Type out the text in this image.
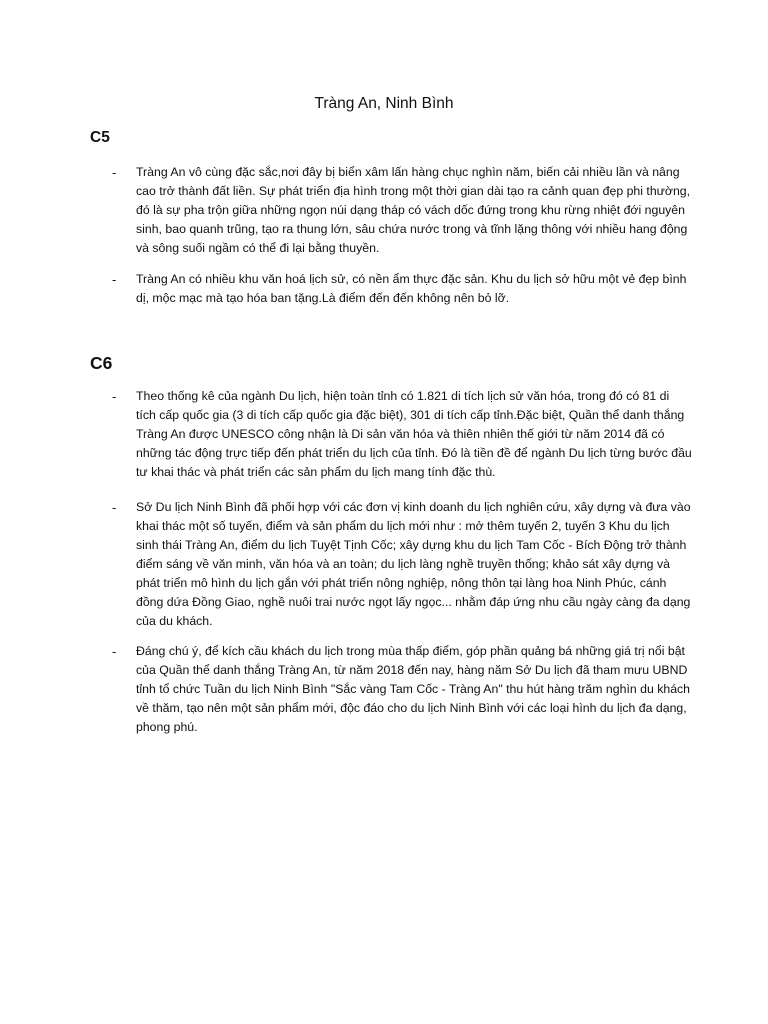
Tràng An, Ninh Bình
C5
- Tràng An vô cùng đặc sắc,nơi đây bị biển xâm lấn hàng chục nghìn năm, biến cải nhiều lần và nâng cao trở thành đất liền. Sự phát triển địa hình trong một thời gian dài tạo ra cảnh quan đẹp phi thường, đó là sự pha trộn giữa những ngọn núi dạng tháp có vách dốc đứng trong khu rừng nhiệt đới nguyên sinh, bao quanh trũng, tạo ra thung lớn, sâu chứa nước trong và tĩnh lặng thông với nhiều hang động và sông suối ngầm có thể đi lại bằng thuyền.
- Tràng An có nhiều khu văn hoá lịch sử, có nền ẩm thực đặc sản. Khu du lịch sở hữu một vẻ đẹp bình dị, mộc mạc mà tạo hóa ban tặng.Là điểm đến đến không nên bỏ lỡ.
C6
- Theo thống kê của ngành Du lịch, hiện toàn tỉnh có 1.821 di tích lịch sử văn hóa, trong đó có 81 di tích cấp quốc gia (3 di tích cấp quốc gia đặc biệt), 301 di tích cấp tỉnh.Đặc biệt, Quần thể danh thắng Tràng An được UNESCO công nhận là Di sản văn hóa và thiên nhiên thế giới từ năm 2014 đã có những tác động trực tiếp đến phát triển du lịch của tỉnh. Đó là tiền đề để ngành Du lịch từng bước đầu tư khai thác và phát triển các sản phẩm du lịch mang tính đặc thù.
- Sở Du lịch Ninh Bình đã phối hợp với các đơn vị kinh doanh du lịch nghiên cứu, xây dựng và đưa vào khai thác một số tuyến, điểm và sản phẩm du lịch mới như : mở thêm tuyến 2, tuyến 3 Khu du lịch sinh thái Tràng An, điểm du lịch Tuyệt Tịnh Cốc; xây dựng khu du lịch Tam Cốc - Bích Động trở thành điểm sáng về văn minh, văn hóa và an toàn; du lịch làng nghề truyền thống; khảo sát xây dựng và phát triển mô hình du lịch gắn với phát triển nông nghiệp, nông thôn tại làng hoa Ninh Phúc, cánh đồng dứa Đồng Giao, nghề nuôi trai nước ngọt lấy ngọc... nhằm đáp ứng nhu cầu ngày càng đa dạng của du khách.
- Đáng chú ý, để kích cầu khách du lịch trong mùa thấp điểm, góp phần quảng bá những giá trị nổi bật của Quần thể danh thắng Tràng An, từ năm 2018 đến nay, hàng năm Sở Du lịch đã tham mưu UBND tỉnh tổ chức Tuần du lịch Ninh Bình "Sắc vàng Tam Cốc - Tràng An" thu hút hàng trăm nghìn du khách về thăm, tạo nên một sản phẩm mới, độc đáo cho du lịch Ninh Bình với các loại hình du lịch đa dạng, phong phú.
